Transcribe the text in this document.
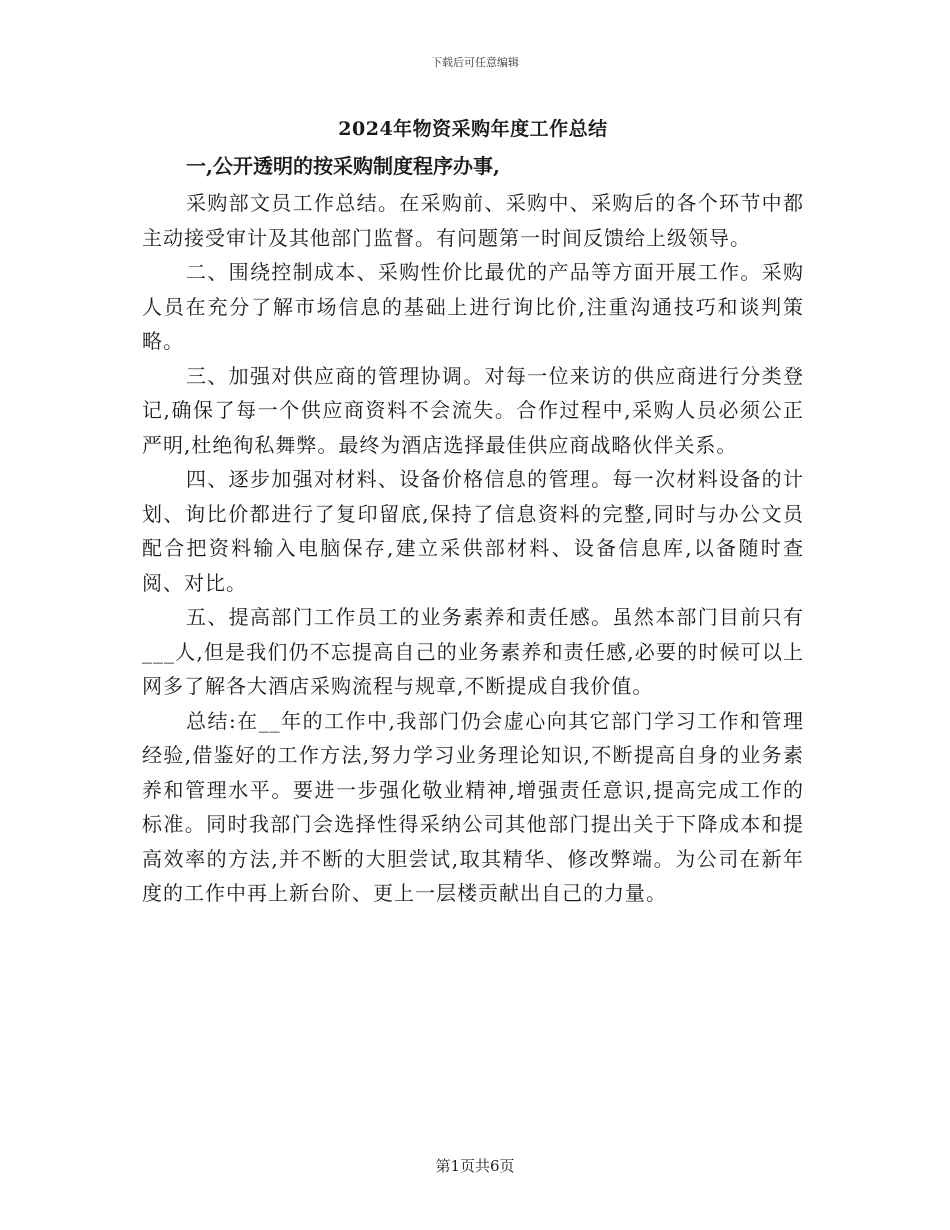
下载后可任意编辑
2024年物资采购年度工作总结

一,公开透明的按采购制度程序办事,

采购部文员工作总结。在采购前、采购中、采购后的各个环节中都主动接受审计及其他部门监督。有问题第一时间反馈给上级领导。

二、围绕控制成本、采购性价比最优的产品等方面开展工作。采购人员在充分了解市场信息的基础上进行询比价,注重沟通技巧和谈判策略。

三、加强对供应商的管理协调。对每一位来访的供应商进行分类登记,确保了每一个供应商资料不会流失。合作过程中,采购人员必须公正严明,杜绝徇私舞弊。最终为酒店选择最佳供应商战略伙伴关系。

四、逐步加强对材料、设备价格信息的管理。每一次材料设备的计划、询比价都进行了复印留底,保持了信息资料的完整,同时与办公文员配合把资料输入电脑保存,建立采供部材料、设备信息库,以备随时查阅、对比。

五、提高部门工作员工的业务素养和责任感。虽然本部门目前只有___人,但是我们仍不忘提高自己的业务素养和责任感,必要的时候可以上网多了解各大酒店采购流程与规章,不断提成自我价值。

总结:在__年的工作中,我部门仍会虚心向其它部门学习工作和管理经验,借鉴好的工作方法,努力学习业务理论知识,不断提高自身的业务素养和管理水平。要进一步强化敬业精神,增强责任意识,提高完成工作的标准。同时我部门会选择性得采纳公司其他部门提出关于下降成本和提高效率的方法,并不断的大胆尝试,取其精华、修改弊端。为公司在新年度的工作中再上新台阶、更上一层楼贡献出自己的力量。

第1页共6页
